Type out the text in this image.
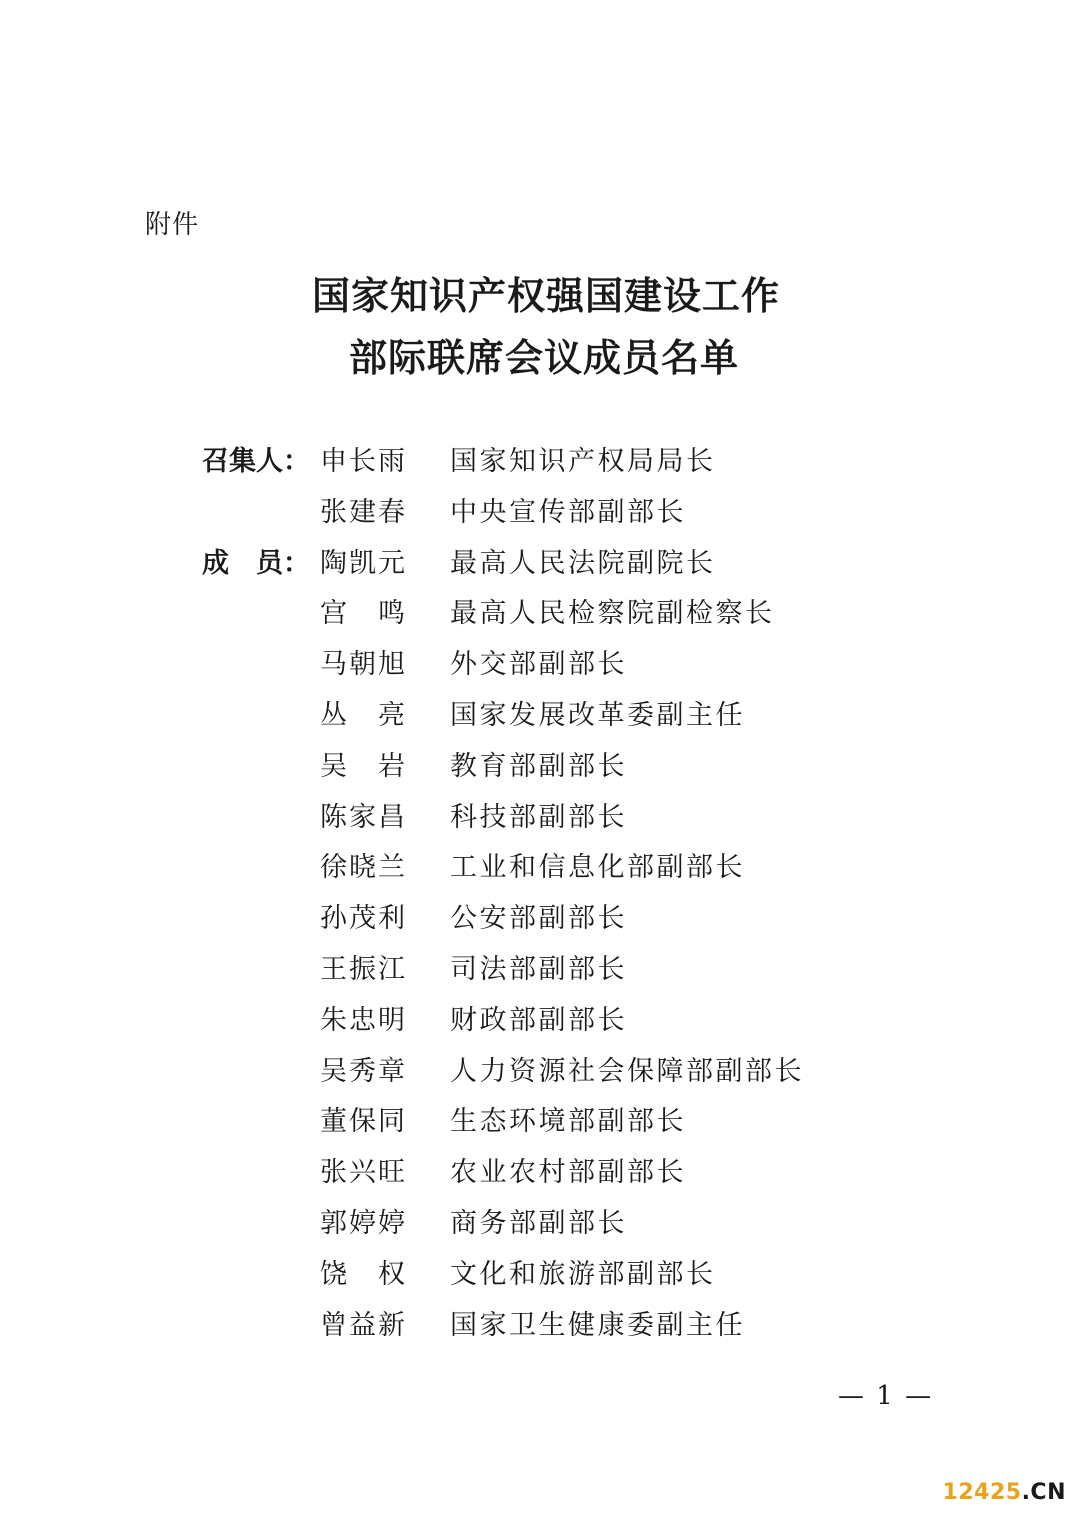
附件
国家知识产权强国建设工作
部际联席会议成员名单
召集人： 申长雨 国家知识产权局局长
张建春 中央宣传部副部长
成　员： 陶凯元 最高人民法院副院长
宫　鸣 最高人民检察院副检察长
马朝旭 外交部副部长
丛　亮 国家发展改革委副主任
吴　岩 教育部副部长
陈家昌 科技部副部长
徐晓兰 工业和信息化部副部长
孙茂利 公安部副部长
王振江 司法部副部长
朱忠明 财政部副部长
吴秀章 人力资源社会保障部副部长
董保同 生态环境部副部长
张兴旺 农业农村部副部长
郭婷婷 商务部副部长
饶　权 文化和旅游部副部长
曾益新 国家卫生健康委副主任
— 1 —
12425.CN
